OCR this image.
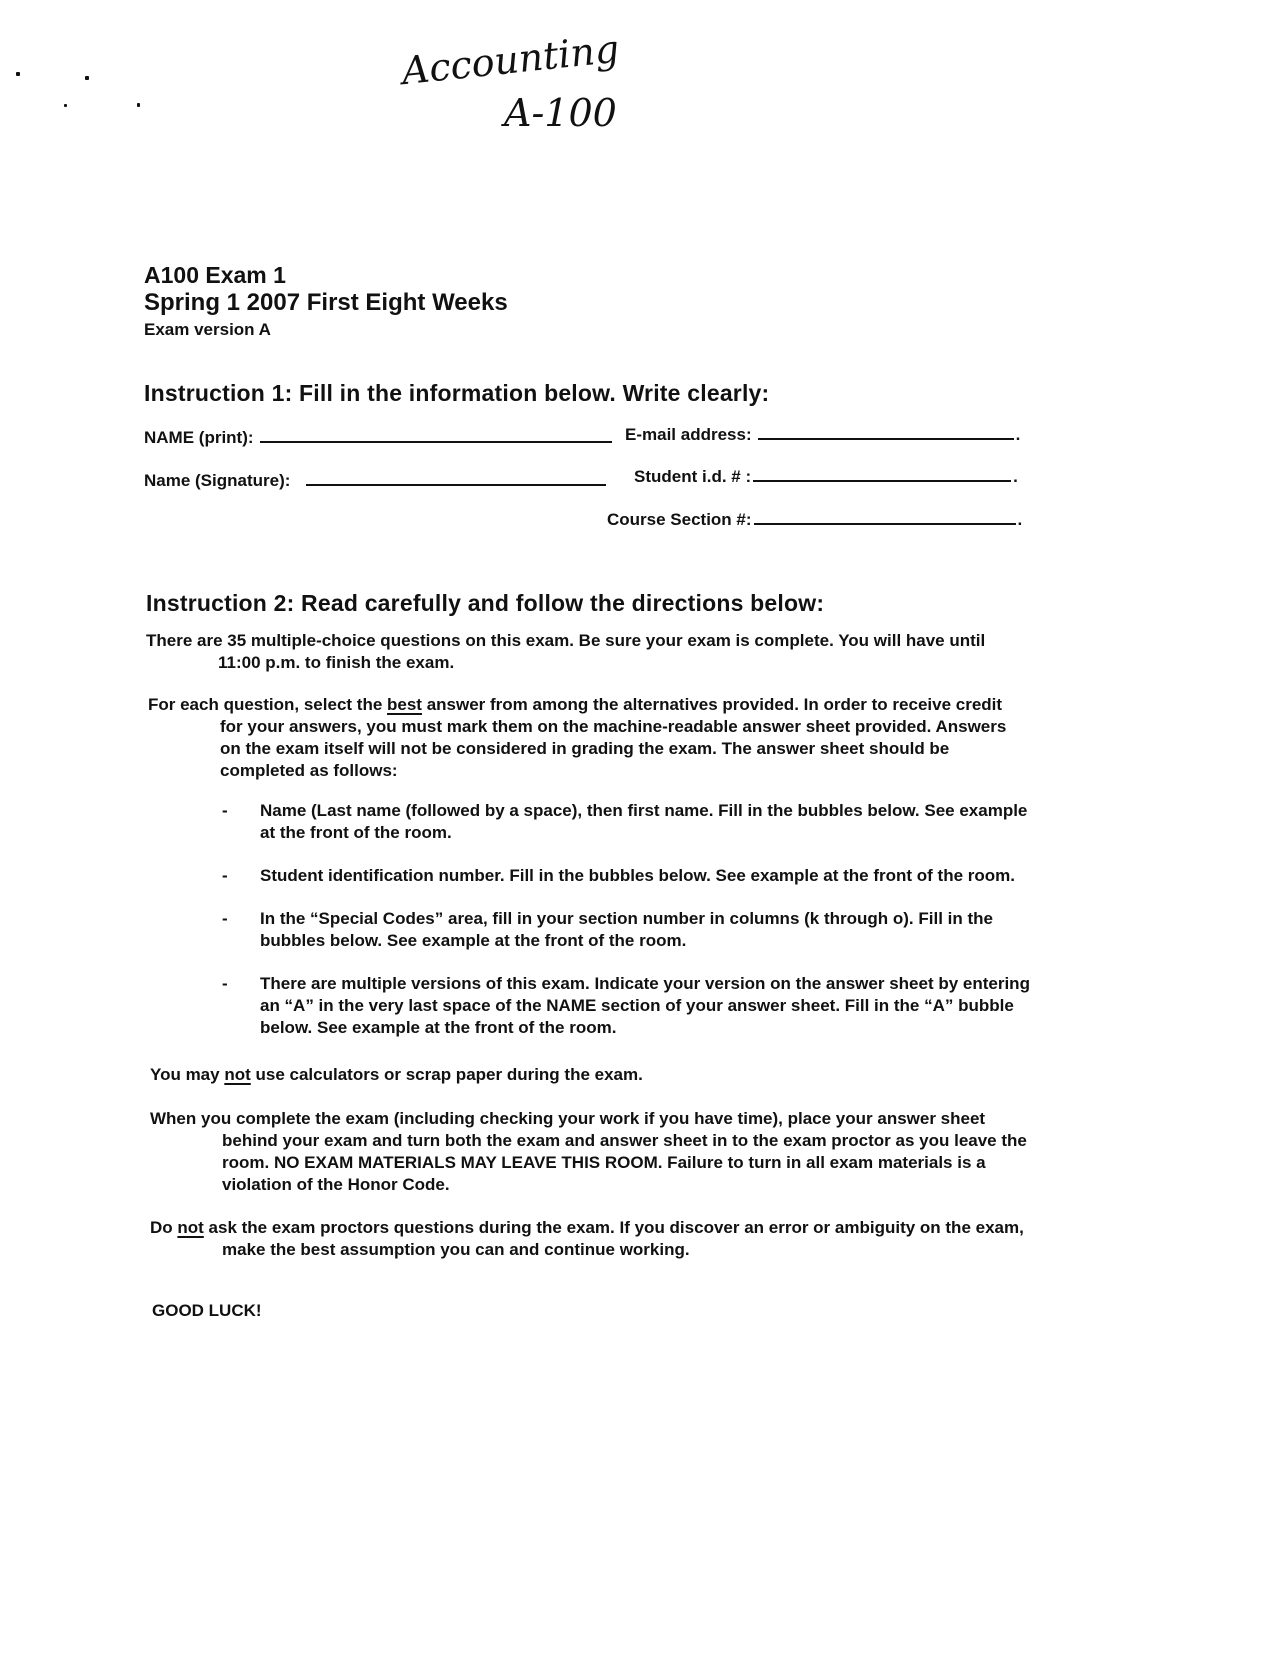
Accounting
A-100
A100 Exam 1
Spring 1 2007 First Eight Weeks
Exam version A
Instruction 1: Fill in the information below. Write clearly:
NAME (print):	E-mail address:	.
Name (Signature):	Student i.d. # :	.
Course Section #:	.
Instruction 2: Read carefully and follow the directions below:
There are 35 multiple-choice questions on this exam. Be sure your exam is complete. You will have until
11:00 p.m. to finish the exam.
For each question, select the best answer from among the alternatives provided. In order to receive credit
for your answers, you must mark them on the machine-readable answer sheet provided. Answers
on the exam itself will not be considered in grading the exam. The answer sheet should be
completed as follows:
- Name (Last name (followed by a space), then first name. Fill in the bubbles below. See example
at the front of the room.
- Student identification number. Fill in the bubbles below. See example at the front of the room.
- In the “Special Codes” area, fill in your section number in columns (k through o). Fill in the
bubbles below. See example at the front of the room.
- There are multiple versions of this exam. Indicate your version on the answer sheet by entering
an “A” in the very last space of the NAME section of your answer sheet. Fill in the “A” bubble
below. See example at the front of the room.
You may not use calculators or scrap paper during the exam.
When you complete the exam (including checking your work if you have time), place your answer sheet
behind your exam and turn both the exam and answer sheet in to the exam proctor as you leave the
room. NO EXAM MATERIALS MAY LEAVE THIS ROOM. Failure to turn in all exam materials is a
violation of the Honor Code.
Do not ask the exam proctors questions during the exam. If you discover an error or ambiguity on the exam,
make the best assumption you can and continue working.
GOOD LUCK!
